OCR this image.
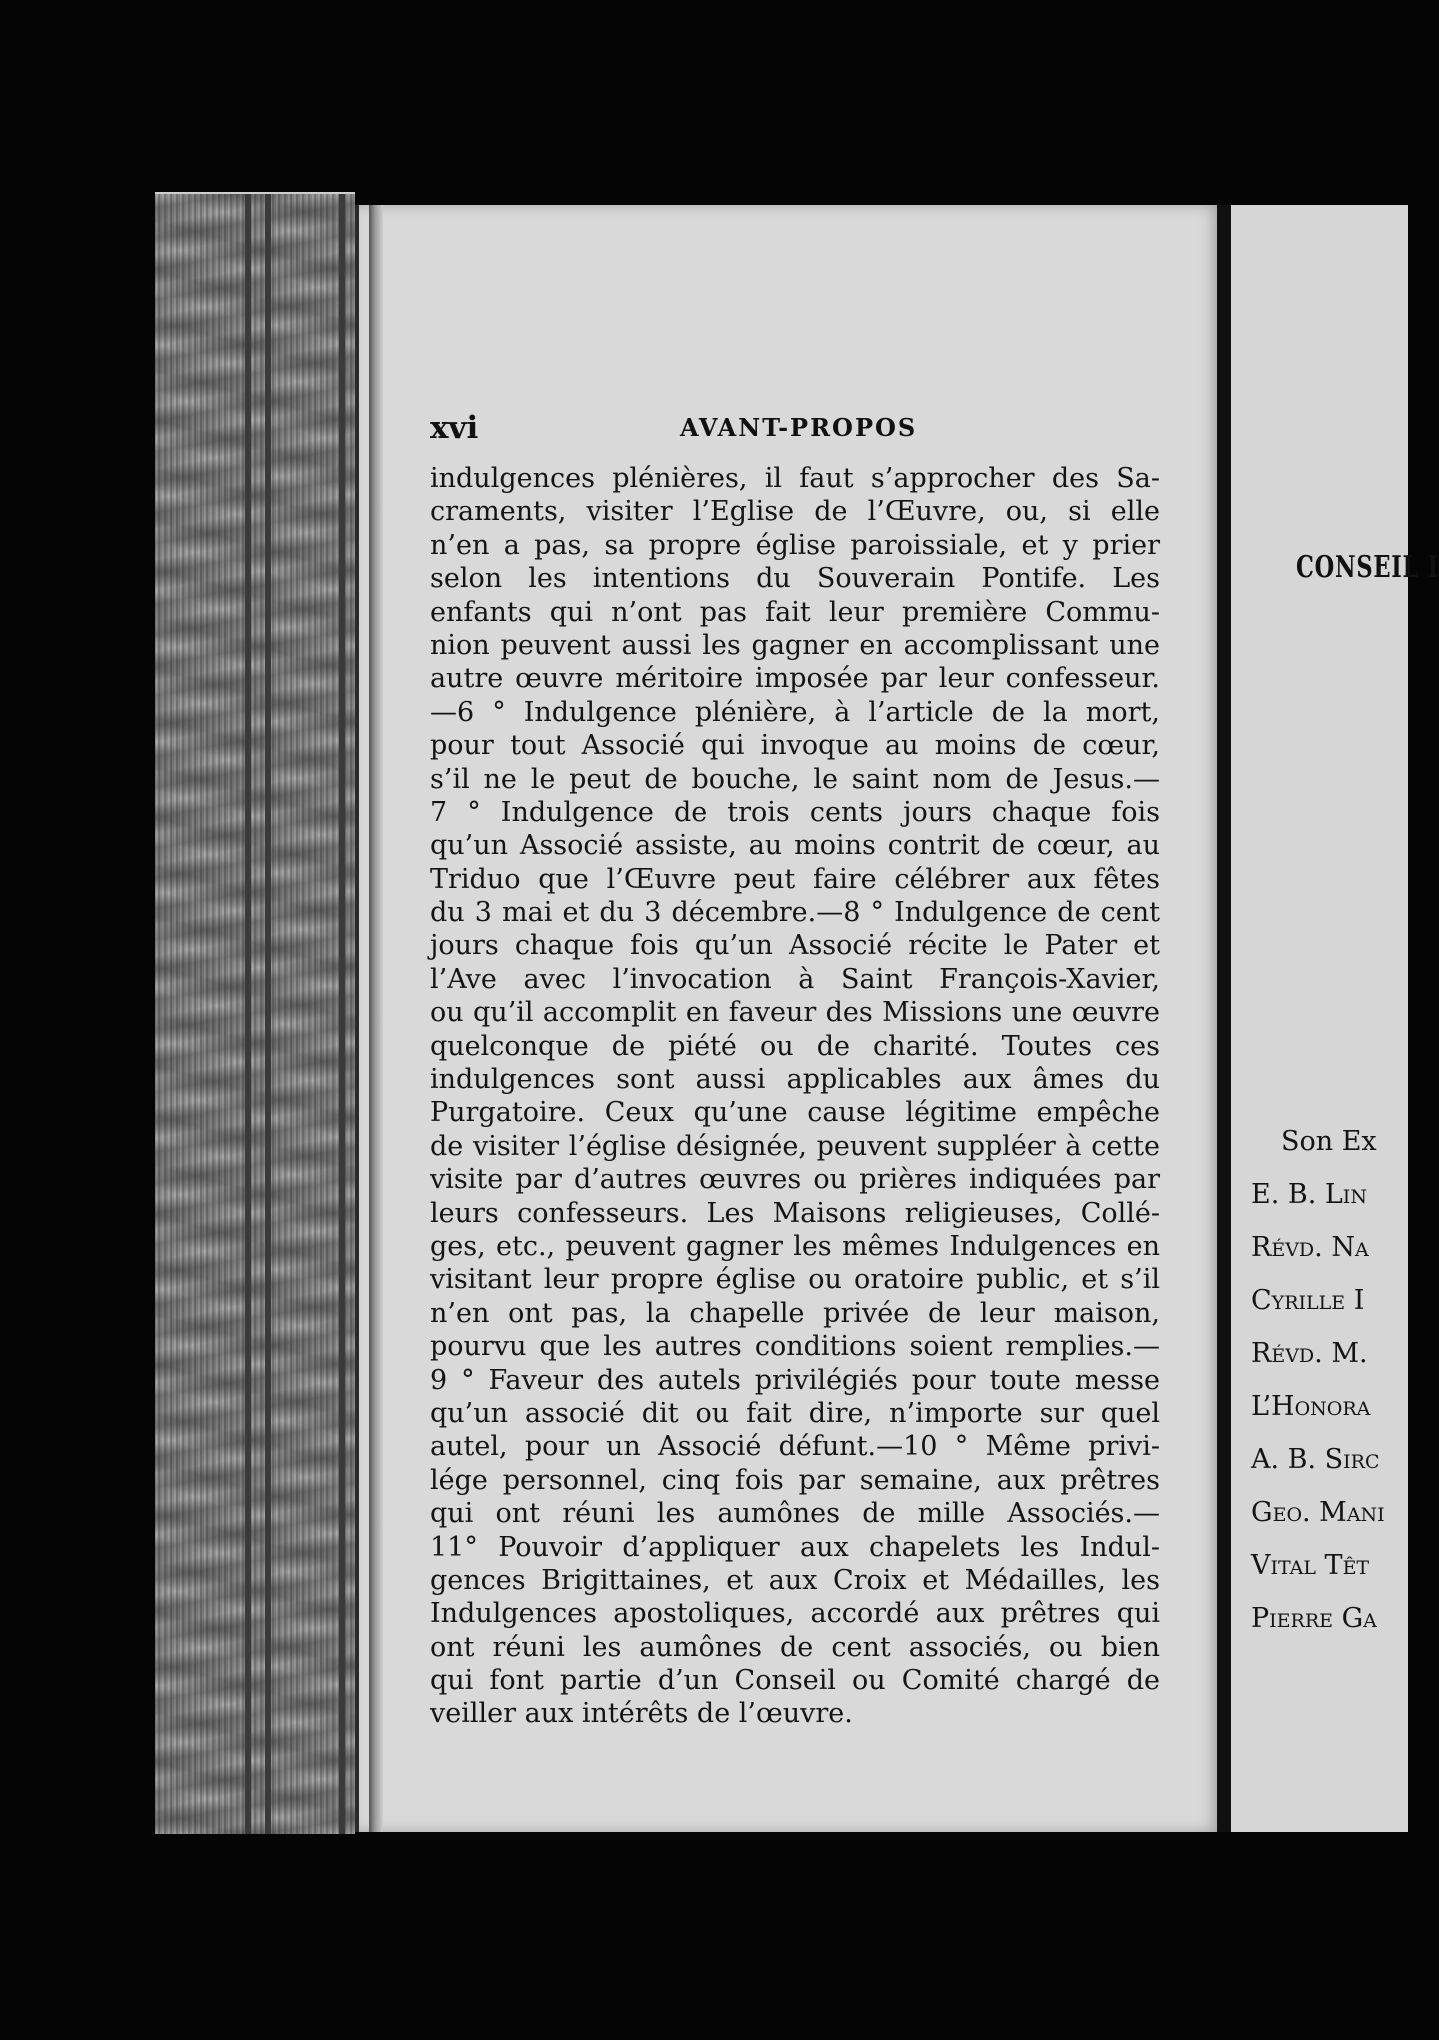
CONSEIL I
Son Ex
E. B. Lin
Révd. Na
Cyrille I
Révd. M.
L’Honora
A. B. Sirc
Geo. Mani
Vital Têt
Pierre Ga
xvi	AVANT-PROPOS
indulgences plénières, il faut s’approcher des Sa-
craments, visiter l’Eglise de l’Œuvre, ou, si elle
n’en a pas, sa propre église paroissiale, et y prier
selon les intentions du Souverain Pontife. Les
enfants qui n’ont pas fait leur première Commu-
nion peuvent aussi les gagner en accomplissant une
autre œuvre méritoire imposée par leur confesseur.
—6 ° Indulgence plénière, à l’article de la mort,
pour tout Associé qui invoque au moins de cœur,
s’il ne le peut de bouche, le saint nom de Jesus.—
7 ° Indulgence de trois cents jours chaque fois
qu’un Associé assiste, au moins contrit de cœur, au
Triduo que l’Œuvre peut faire célébrer aux fêtes
du 3 mai et du 3 décembre.—8 ° Indulgence de cent
jours chaque fois qu’un Associé récite le Pater et
l’Ave avec l’invocation à Saint François-Xavier,
ou qu’il accomplit en faveur des Missions une œuvre
quelconque de piété ou de charité. Toutes ces
indulgences sont aussi applicables aux âmes du
Purgatoire. Ceux qu’une cause légitime empêche
de visiter l’église désignée, peuvent suppléer à cette
visite par d’autres œuvres ou prières indiquées par
leurs confesseurs. Les Maisons religieuses, Collé-
ges, etc., peuvent gagner les mêmes Indulgences en
visitant leur propre église ou oratoire public, et s’il
n’en ont pas, la chapelle privée de leur maison,
pourvu que les autres conditions soient remplies.—
9 ° Faveur des autels privilégiés pour toute messe
qu’un associé dit ou fait dire, n’importe sur quel
autel, pour un Associé défunt.—10 ° Même privi-
lége personnel, cinq fois par semaine, aux prêtres
qui ont réuni les aumônes de mille Associés.—
11° Pouvoir d’appliquer aux chapelets les Indul-
gences Brigittaines, et aux Croix et Médailles, les
Indulgences apostoliques, accordé aux prêtres qui
ont réuni les aumônes de cent associés, ou bien
qui font partie d’un Conseil ou Comité chargé de
veiller aux intérêts de l’œuvre.
